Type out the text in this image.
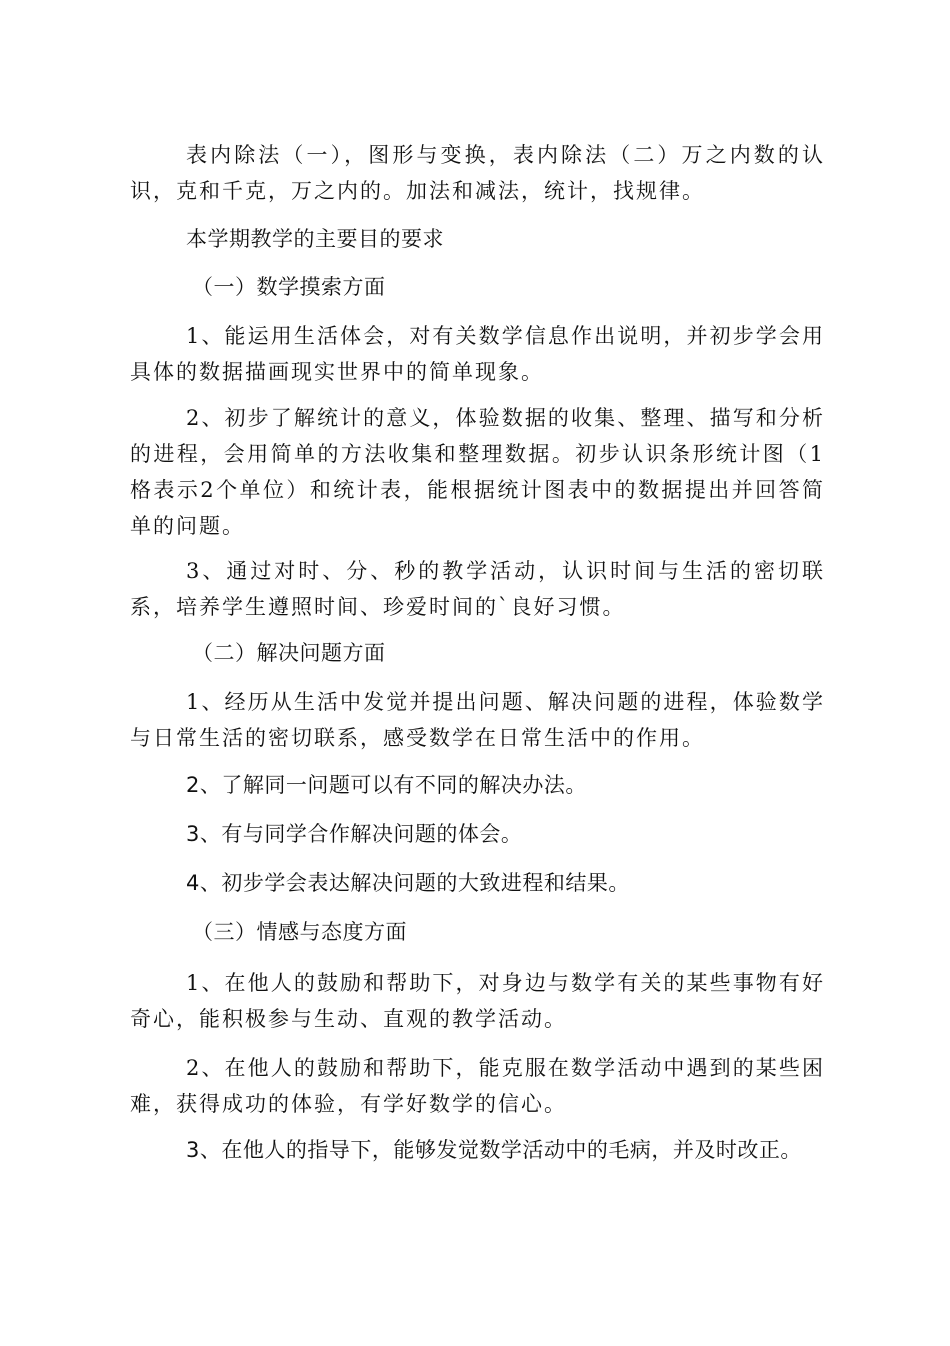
表内除法（一），图形与变换，表内除法（二）万之内数的认识，克和千克，万之内的。加法和减法，统计，找规律。

本学期教学的主要目的要求

（一）数学摸索方面

1、能运用生活体会，对有关数学信息作出说明，并初步学会用具体的数据描画现实世界中的简单现象。

2、初步了解统计的意义，体验数据的收集、整理、描写和分析的进程，会用简单的方法收集和整理数据。初步认识条形统计图（1格表示2个单位）和统计表，能根据统计图表中的数据提出并回答简单的问题。

3、通过对时、分、秒的教学活动，认识时间与生活的密切联系，培养学生遵照时间、珍爱时间的`良好习惯。

（二）解决问题方面

1、经历从生活中发觉并提出问题、解决问题的进程，体验数学与日常生活的密切联系，感受数学在日常生活中的作用。

2、了解同一问题可以有不同的解决办法。

3、有与同学合作解决问题的体会。

4、初步学会表达解决问题的大致进程和结果。

（三）情感与态度方面

1、在他人的鼓励和帮助下，对身边与数学有关的某些事物有好奇心，能积极参与生动、直观的教学活动。

2、在他人的鼓励和帮助下，能克服在数学活动中遇到的某些困难，获得成功的体验，有学好数学的信心。

3、在他人的指导下，能够发觉数学活动中的毛病，并及时改正。
